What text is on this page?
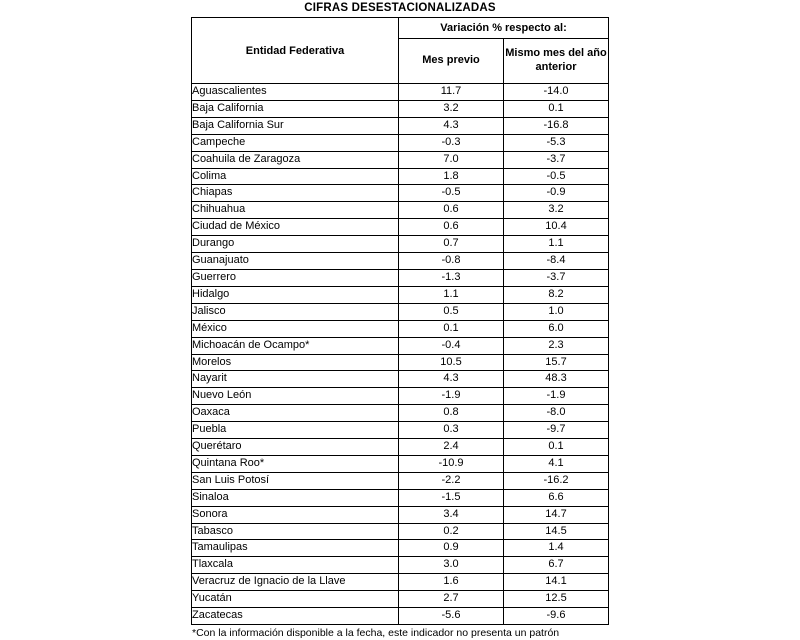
CIFRAS DESESTACIONALIZADAS
Entidad Federativa	Variación % respecto al:	
	Mes previo	Mismo mes del año anterior
Aguascalientes	11.7	-14.0
Baja California	3.2	0.1
Baja California Sur	4.3	-16.8
Campeche	-0.3	-5.3
Coahuila de Zaragoza	7.0	-3.7
Colima	1.8	-0.5
Chiapas	-0.5	-0.9
Chihuahua	0.6	3.2
Ciudad de México	0.6	10.4
Durango	0.7	1.1
Guanajuato	-0.8	-8.4
Guerrero	-1.3	-3.7
Hidalgo	1.1	8.2
Jalisco	0.5	1.0
México	0.1	6.0
Michoacán de Ocampo*	-0.4	2.3
Morelos	10.5	15.7
Nayarit	4.3	48.3
Nuevo León	-1.9	-1.9
Oaxaca	0.8	-8.0
Puebla	0.3	-9.7
Querétaro	2.4	0.1
Quintana Roo*	-10.9	4.1
San Luis Potosí	-2.2	-16.2
Sinaloa	-1.5	6.6
Sonora	3.4	14.7
Tabasco	0.2	14.5
Tamaulipas	0.9	1.4
Tlaxcala	3.0	6.7
Veracruz de Ignacio de la Llave	1.6	14.1
Yucatán	2.7	12.5
Zacatecas	-5.6	-9.6
*Con la información disponible a la fecha, este indicador no presenta un patrón
